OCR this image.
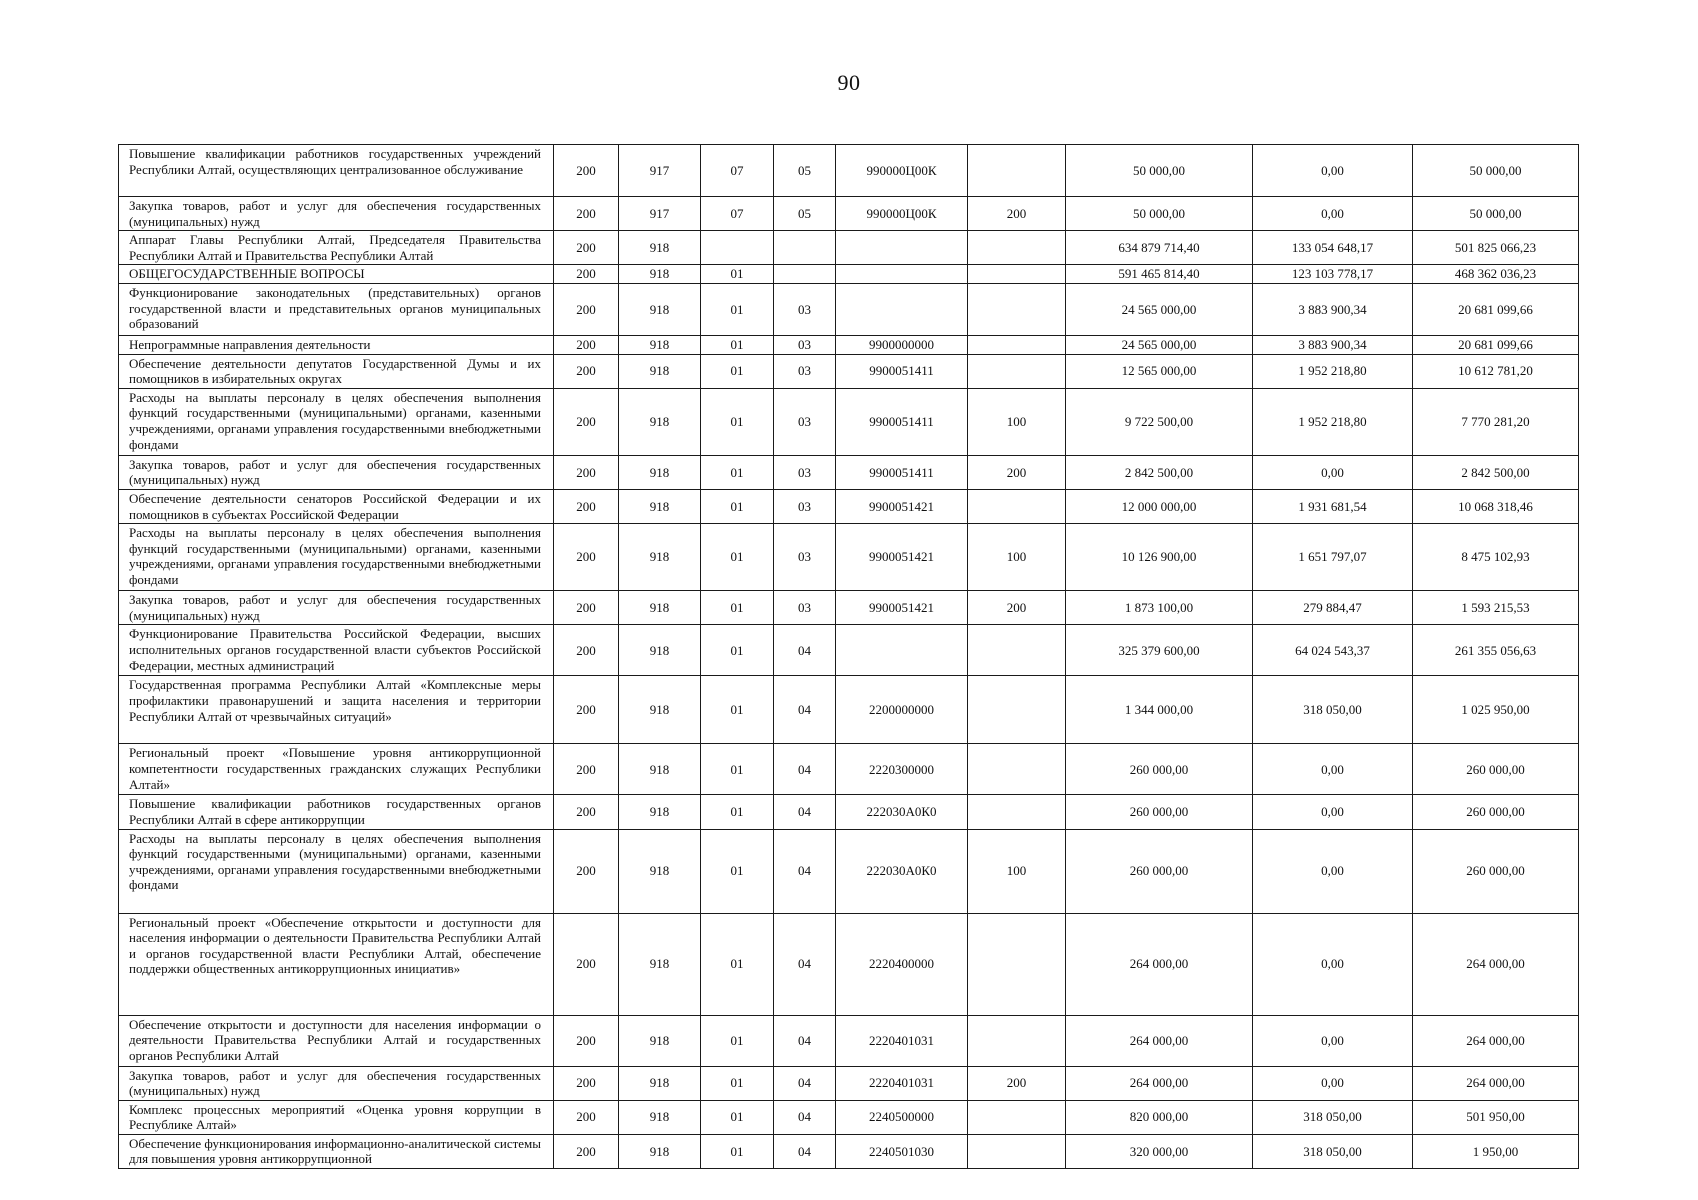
90
Повышение квалификации работников государственных учреждений Республики Алтай, осуществляющих централизованное обслуживание	200	917	07	05	990000Ц00К		50 000,00	0,00	50 000,00
Закупка товаров, работ и услуг для обеспечения государственных (муниципальных) нужд	200	917	07	05	990000Ц00К	200	50 000,00	0,00	50 000,00
Аппарат Главы Республики Алтай, Председателя Правительства Республики Алтай и Правительства Республики Алтай	200	918					634 879 714,40	133 054 648,17	501 825 066,23
ОБЩЕГОСУДАРСТВЕННЫЕ ВОПРОСЫ	200	918	01				591 465 814,40	123 103 778,17	468 362 036,23
Функционирование законодательных (представительных) органов государственной власти и представительных органов муниципальных образований	200	918	01	03			24 565 000,00	3 883 900,34	20 681 099,66
Непрограммные направления деятельности	200	918	01	03	9900000000		24 565 000,00	3 883 900,34	20 681 099,66
Обеспечение деятельности депутатов Государственной Думы и их помощников в избирательных округах	200	918	01	03	9900051411		12 565 000,00	1 952 218,80	10 612 781,20
Расходы на выплаты персоналу в целях обеспечения выполнения функций государственными (муниципальными) органами, казенными учреждениями, органами управления государственными внебюджетными фондами	200	918	01	03	9900051411	100	9 722 500,00	1 952 218,80	7 770 281,20
Закупка товаров, работ и услуг для обеспечения государственных (муниципальных) нужд	200	918	01	03	9900051411	200	2 842 500,00	0,00	2 842 500,00
Обеспечение деятельности сенаторов Российской Федерации и их помощников в субъектах Российской Федерации	200	918	01	03	9900051421		12 000 000,00	1 931 681,54	10 068 318,46
Расходы на выплаты персоналу в целях обеспечения выполнения функций государственными (муниципальными) органами, казенными учреждениями, органами управления государственными внебюджетными фондами	200	918	01	03	9900051421	100	10 126 900,00	1 651 797,07	8 475 102,93
Закупка товаров, работ и услуг для обеспечения государственных (муниципальных) нужд	200	918	01	03	9900051421	200	1 873 100,00	279 884,47	1 593 215,53
Функционирование Правительства Российской Федерации, высших исполнительных органов государственной власти субъектов Российской Федерации, местных администраций	200	918	01	04			325 379 600,00	64 024 543,37	261 355 056,63
Государственная программа Республики Алтай «Комплексные меры профилактики правонарушений и защита населения и территории Республики Алтай от чрезвычайных ситуаций»	200	918	01	04	2200000000		1 344 000,00	318 050,00	1 025 950,00
Региональный проект «Повышение уровня антикоррупционной компетентности государственных гражданских служащих Республики Алтай»	200	918	01	04	2220300000		260 000,00	0,00	260 000,00
Повышение квалификации работников государственных органов Республики Алтай в сфере антикоррупции	200	918	01	04	222030А0К0		260 000,00	0,00	260 000,00
Расходы на выплаты персоналу в целях обеспечения выполнения функций государственными (муниципальными) органами, казенными учреждениями, органами управления государственными внебюджетными фондами	200	918	01	04	222030А0К0	100	260 000,00	0,00	260 000,00
Региональный проект «Обеспечение открытости и доступности для населения информации о деятельности Правительства Республики Алтай и органов государственной власти Республики Алтай, обеспечение поддержки общественных антикоррупционных инициатив»	200	918	01	04	2220400000		264 000,00	0,00	264 000,00
Обеспечение открытости и доступности для населения информации о деятельности Правительства Республики Алтай и государственных органов Республики Алтай	200	918	01	04	2220401031		264 000,00	0,00	264 000,00
Закупка товаров, работ и услуг для обеспечения государственных (муниципальных) нужд	200	918	01	04	2220401031	200	264 000,00	0,00	264 000,00
Комплекс процессных мероприятий «Оценка уровня коррупции в Республике Алтай»	200	918	01	04	2240500000		820 000,00	318 050,00	501 950,00
Обеспечение функционирования информационно-аналитической системы для повышения уровня антикоррупционной	200	918	01	04	2240501030		320 000,00	318 050,00	1 950,00
